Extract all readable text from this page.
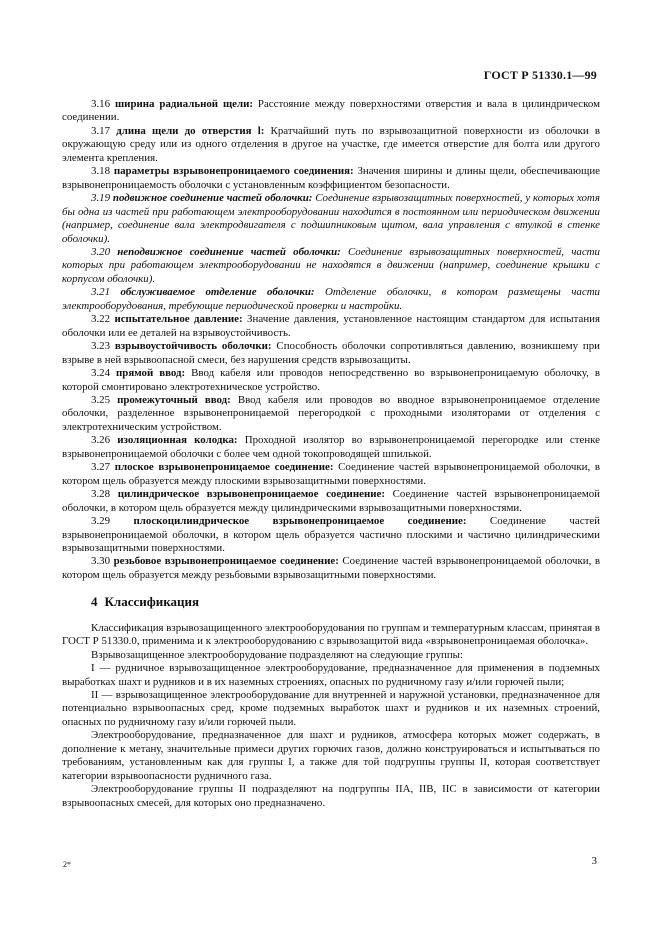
ГОСТ Р 51330.1—99

3.16 ширина радиальной щели: Расстояние между поверхностями отверстия и вала в цилиндрическом соединении.

3.17 длина щели до отверстия l: Кратчайший путь по взрывозащитной поверхности из оболочки в окружающую среду или из одного отделения в другое на участке, где имеется отверстие для болта или другого элемента крепления.

3.18 параметры взрывонепроницаемого соединения: Значения ширины и длины щели, обеспечивающие взрывонепроницаемость оболочки с установленным коэффициентом безопасности.

3.19 подвижное соединение частей оболочки: Соединение взрывозащитных поверхностей, у которых хотя бы одна из частей при работающем электрооборудовании находится в постоянном или периодическом движении (например, соединение вала электродвигателя с подшипниковым щитом, вала управления с втулкой в стенке оболочки).

3.20 неподвижное соединение частей оболочки: Соединение взрывозащитных поверхностей, части которых при работающем электрооборудовании не находятся в движении (например, соединение крышки с корпусом оболочки).

3.21 обслуживаемое отделение оболочки: Отделение оболочки, в котором размещены части электрооборудования, требующие периодической проверки и настройки.

3.22 испытательное давление: Значение давления, установленное настоящим стандартом для испытания оболочки или ее деталей на взрывоустойчивость.

3.23 взрывоустойчивость оболочки: Способность оболочки сопротивляться давлению, возникшему при взрыве в ней взрывоопасной смеси, без нарушения средств взрывозащиты.

3.24 прямой ввод: Ввод кабеля или проводов непосредственно во взрывонепроницаемую оболочку, в которой смонтировано электротехническое устройство.

3.25 промежуточный ввод: Ввод кабеля или проводов во вводное взрывонепроницаемое отделение оболочки, разделенное взрывонепроницаемой перегородкой с проходными изоляторами от отделения с электротехническим устройством.

3.26 изоляционная колодка: Проходной изолятор во взрывонепроницаемой перегородке или стенке взрывонепроницаемой оболочки с более чем одной токопроводящей шпилькой.

3.27 плоское взрывонепроницаемое соединение: Соединение частей взрывонепроницаемой оболочки, в котором щель образуется между плоскими взрывозащитными поверхностями.

3.28 цилиндрическое взрывонепроницаемое соединение: Соединение частей взрывонепроницаемой оболочки, в котором щель образуется между цилиндрическими взрывозащитными поверхностями.

3.29 плоскоцилиндрическое взрывонепроницаемое соединение: Соединение частей взрывонепроницаемой оболочки, в котором щель образуется частично плоскими и частично цилиндрическими взрывозащитными поверхностями.

3.30 резьбовое взрывонепроницаемое соединение: Соединение частей взрывонепроницаемой оболочки, в котором щель образуется между резьбовыми взрывозащитными поверхностями.

4 Классификация

Классификация взрывозащищенного электрооборудования по группам и температурным классам, принятая в ГОСТ Р 51330.0, применима и к электрооборудованию с взрывозащитой вида «взрывонепроницаемая оболочка».

Взрывозащищенное электрооборудование подразделяют на следующие группы:

I — рудничное взрывозащищенное электрооборудование, предназначенное для применения в подземных выработках шахт и рудников и в их наземных строениях, опасных по рудничному газу и/или горючей пыли;

II — взрывозащищенное электрооборудование для внутренней и наружной установки, предназначенное для потенциально взрывоопасных сред, кроме подземных выработок шахт и рудников и их наземных строений, опасных по рудничному газу и/или горючей пыли.

Электрооборудование, предназначенное для шахт и рудников, атмосфера которых может содержать, в дополнение к метану, значительные примеси других горючих газов, должно конструироваться и испытываться по требованиям, установленным как для группы I, а также для той подгруппы группы II, которая соответствует категории взрывоопасности рудничного газа.

Электрооборудование группы II подразделяют на подгруппы IIA, IIB, IIC в зависимости от категории взрывоопасных смесей, для которых оно предназначено.

2*	3
